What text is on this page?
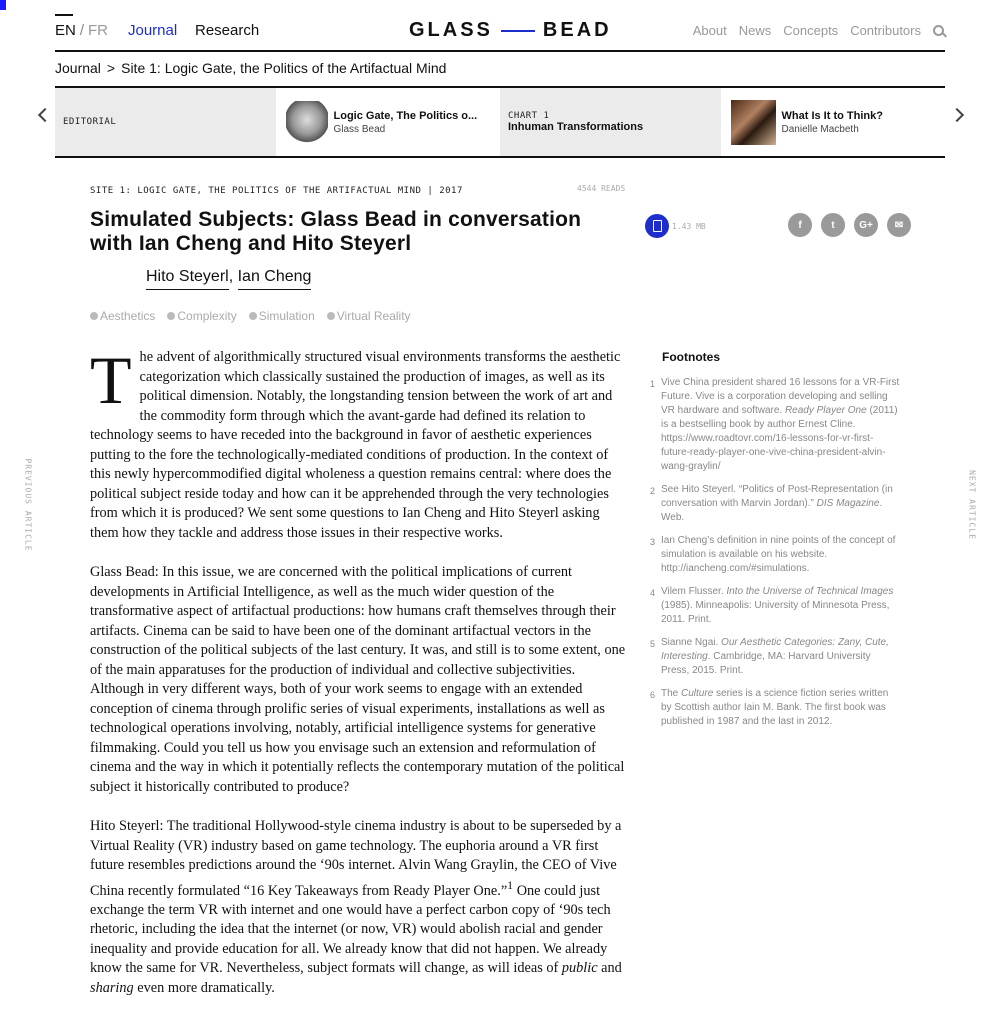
EN / FR Journal Research	GLASS	BEAD	About News Concepts Contributors
Journal > Site 1: Logic Gate, the Politics of the Artifactual Mind
EDITORIAL
Logic Gate, The Politics o...
Glass Bead
CHART 1
Inhuman Transformations
What Is It to Think?
Danielle Macbeth
SITE 1: LOGIC GATE, THE POLITICS OF THE ARTIFACTUAL MIND | 2017	4544 READS
Simulated Subjects: Glass Bead in conversation with Ian Cheng and Hito Steyerl
Hito Steyerl, Ian Cheng
Aesthetics	Complexity	Simulation	Virtual Reality
1.43 MB	f	t	G+	✉

The advent of algorithmically structured visual environments transforms the aesthetic categorization which classically sustained the production of images, as well as its political dimension. Notably, the longstanding tension between the work of art and the commodity form through which the avant-garde had defined its relation to technology seems to have receded into the background in favor of aesthetic experiences putting to the fore the technologically-mediated conditions of production. In the context of this newly hypercommodified digital wholeness a question remains central: where does the political subject reside today and how can it be apprehended through the very technologies from which it is produced? We sent some questions to Ian Cheng and Hito Steyerl asking them how they tackle and address those issues in their respective works.

Glass Bead: In this issue, we are concerned with the political implications of current developments in Artificial Intelligence, as well as the much wider question of the transformative aspect of artifactual productions: how humans craft themselves through their artifacts. Cinema can be said to have been one of the dominant artifactual vectors in the construction of the political subjects of the last century. It was, and still is to some extent, one of the main apparatuses for the production of individual and collective subjectivities. Although in very different ways, both of your work seems to engage with an extended conception of cinema through prolific series of visual experiments, installations as well as technological operations involving, notably, artificial intelligence systems for generative filmmaking. Could you tell us how you envisage such an extension and reformulation of cinema and the way in which it potentially reflects the contemporary mutation of the political subject it historically contributed to produce?

Hito Steyerl: The traditional Hollywood-style cinema industry is about to be superseded by a Virtual Reality (VR) industry based on game technology. The euphoria around a VR first future resembles predictions around the ‘90s internet. Alvin Wang Graylin, the CEO of Vive China recently formulated “16 Key Takeaways from Ready Player One.”$^1$ One could just exchange the term VR with internet and one would have a perfect carbon copy of ‘90s tech rhetoric, including the idea that the internet (or now, VR) would abolish racial and gender inequality and provide education for all. We already know that did not happen. We already know the same for VR. Nevertheless, subject formats will change, as will ideas of public and sharing even more dramatically.

Footnotes
1 Vive China president shared 16 lessons for a VR-First Future. Vive is a corporation developing and selling VR hardware and software. Ready Player One (2011) is a bestselling book by author Ernest Cline. https://www.roadtovr.com/16-lessons-for-vr-first-future-ready-player-one-vive-china-president-alvin-wang-graylin/
2 See Hito Steyerl. “Politics of Post-Representation (in conversation with Marvin Jordan).” DIS Magazine. Web.
3 Ian Cheng’s definition in nine points of the concept of simulation is available on his website. http://iancheng.com/#simulations.
4 Vilem Flusser. Into the Universe of Technical Images (1985). Minneapolis: University of Minnesota Press, 2011. Print.
5 Sianne Ngai. Our Aesthetic Categories: Zany, Cute, Interesting. Cambridge, MA: Harvard University Press, 2015. Print.
6 The Culture series is a science fiction series written by Scottish author Iain M. Bank. The first book was published in 1987 and the last in 2012.
PREVIOUS ARTICLE	NEXT ARTICLE
